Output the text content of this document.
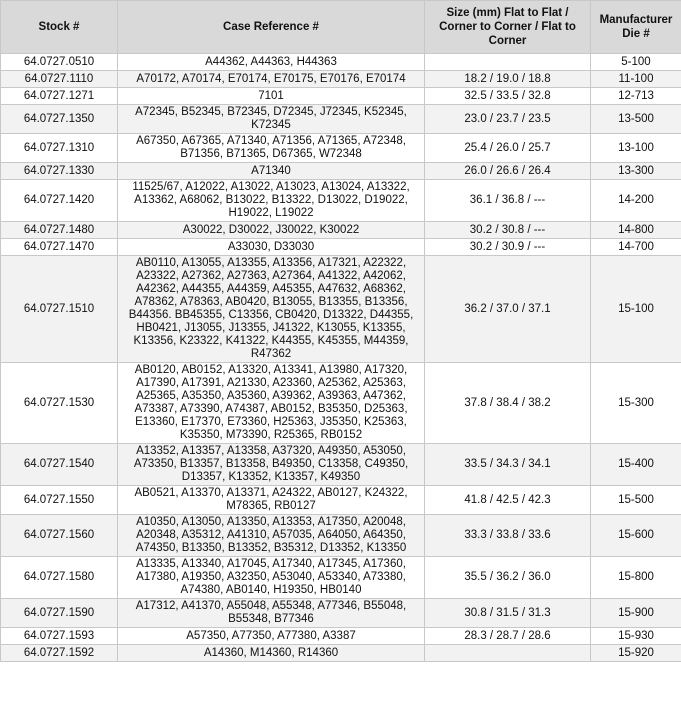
Stock #	Case Reference #	Size (mm) Flat to Flat / Corner to Corner / Flat to Corner	Manufacturer Die #
64.0727.0510	A44362, A44363, H44363		5-100
64.0727.1110	A70172, A70174, E70174, E70175, E70176, E70174	18.2 / 19.0 / 18.8	11-100
64.0727.1271	7101	32.5 / 33.5 / 32.8	12-713
64.0727.1350	A72345, B52345, B72345, D72345, J72345, K52345, K72345	23.0 / 23.7 / 23.5	13-500
64.0727.1310	A67350, A67365, A71340, A71356, A71365, A72348, B71356, B71365, D67365, W72348	25.4 / 26.0 / 25.7	13-100
64.0727.1330	A71340	26.0 / 26.6 / 26.4	13-300
64.0727.1420	11525/67, A12022, A13022, A13023, A13024, A13322, A13362, A68062, B13022, B13322, D13022, D19022, H19022, L19022	36.1 / 36.8 / ---	14-200
64.0727.1480	A30022, D30022, J30022, K30022	30.2 / 30.8 / ---	14-800
64.0727.1470	A33030, D33030	30.2 / 30.9 / ---	14-700
64.0727.1510	AB0110, A13055, A13355, A13356, A17321, A22322, A23322, A27362, A27363, A27364, A41322, A42062, A42362, A44355, A44359, A45355, A47632, A68362, A78362, A78363, AB0420, B13055, B13355, B13356, B44356. BB45355, C13356, CB0420, D13322, D44355, HB0421, J13055, J13355, J41322, K13055, K13355, K13356, K23322, K41322, K44355, K45355, M44359, R47362	36.2 / 37.0 / 37.1	15-100
64.0727.1530	AB0120, AB0152, A13320, A13341, A13980, A17320, A17390, A17391, A21330, A23360, A25362, A25363, A25365, A35350, A35360, A39362, A39363, A47362, A73387, A73390, A74387, AB0152, B35350, D25363, E13360, E17370, E73360, H25363, J35350, K25363, K35350, M73390, R25365, RB0152	37.8 / 38.4 / 38.2	15-300
64.0727.1540	A13352, A13357, A13358, A37320, A49350, A53050, A73350, B13357, B13358, B49350, C13358, C49350, D13357, K13352, K13357, K49350	33.5 / 34.3 / 34.1	15-400
64.0727.1550	AB0521, A13370, A13371, A24322, AB0127, K24322, M78365, RB0127	41.8 / 42.5 / 42.3	15-500
64.0727.1560	A10350, A13050, A13350, A13353, A17350, A20048, A20348, A35312, A41310, A57035, A64050, A64350, A74350, B13350, B13352, B35312, D13352, K13350	33.3 / 33.8 / 33.6	15-600
64.0727.1580	A13335, A13340, A17045, A17340, A17345, A17360, A17380, A19350, A32350, A53040, A53340, A73380, A74380, AB0140, H19350, HB0140	35.5 / 36.2 / 36.0	15-800
64.0727.1590	A17312, A41370, A55048, A55348, A77346, B55048, B55348, B77346	30.8 / 31.5 / 31.3	15-900
64.0727.1593	A57350, A77350, A77380, A3387	28.3 / 28.7 / 28.6	15-930
64.0727.1592	A14360, M14360, R14360		15-920
